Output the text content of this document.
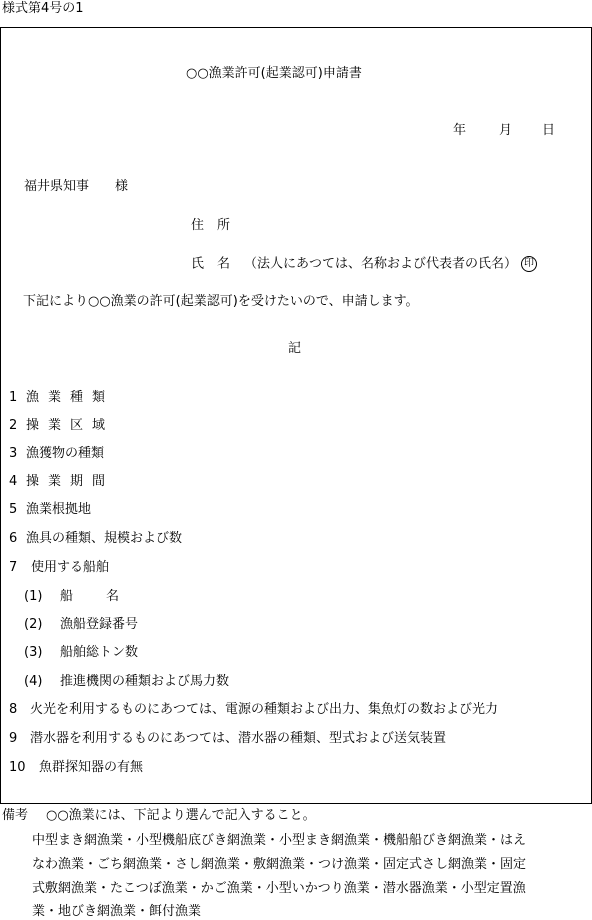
様式第4号の1
○○漁業許可(起業認可)申請書
年	月 日
福井県知事　　様
住　所
氏　名 （法人にあつては、名称および代表者の氏名） 印
下記により○○漁業の許可(起業認可)を受けたいので、申請します。
記
1 漁業種類
2 操業区域
3 漁獲物の種類
4 操業期間
5 漁業根拠地
6 漁具の種類、規模および数
7 使用する船舶
(1) 船名
(2) 漁船登録番号
(3) 船舶総トン数
(4) 推進機関の種類および馬力数
8 火光を利用するものにあつては、電源の種類および出力、集魚灯の数および光力
9 潜水器を利用するものにあつては、潜水器の種類、型式および送気装置
10 魚群探知器の有無
備考 ○○漁業には、下記より選んで記入すること。
中型まき網漁業・小型機船底びき網漁業・小型まき網漁業・機船船びき網漁業・はえ
なわ漁業・ごち網漁業・さし網漁業・敷網漁業・つけ漁業・固定式さし網漁業・固定
式敷網漁業・たこつぼ漁業・かご漁業・小型いかつり漁業・潜水器漁業・小型定置漁
業・地びき網漁業・餌付漁業
